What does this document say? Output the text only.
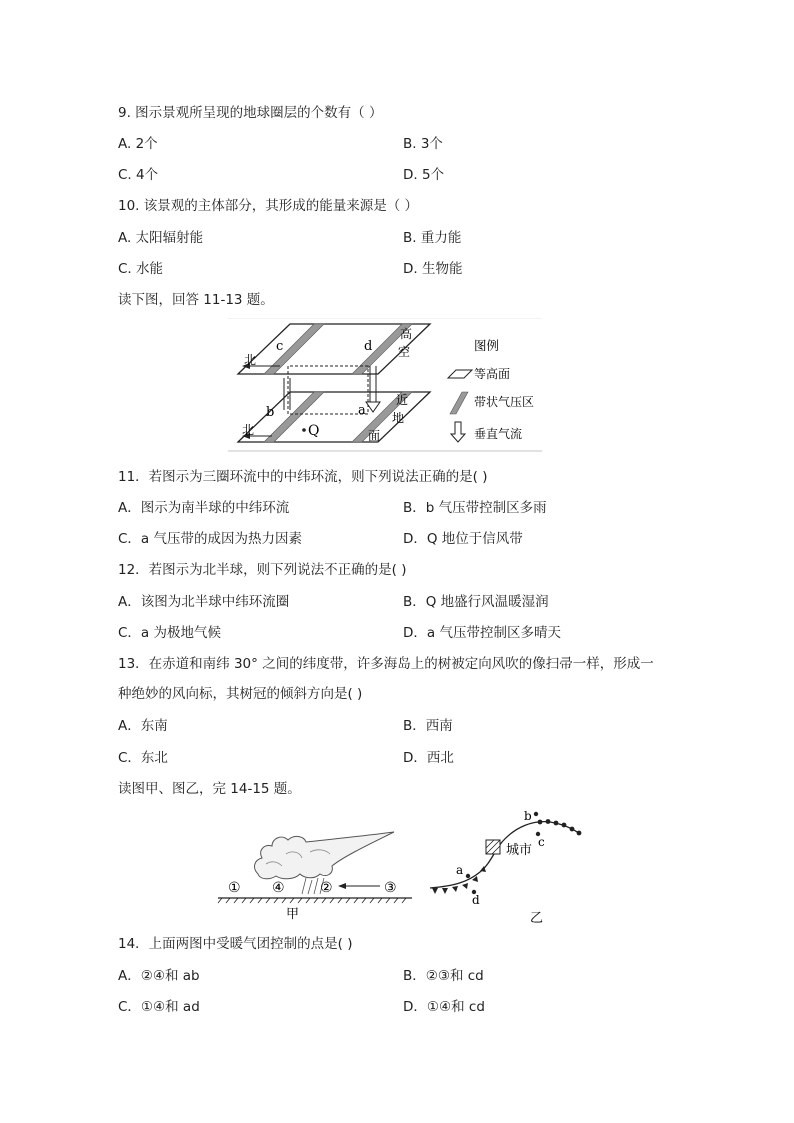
9. 图示景观所呈现的地球圈层的个数有（ ）
A. 2个	B. 3个
C. 4个	D. 5个
10. 该景观的主体部分，其形成的能量来源是（ ）
A. 太阳辐射能	B. 重力能
C. 水能	D. 生物能
读下图，回答 11-13 题。
北
北
c	d
高
空
b	a
近
地
面
Q
图例
等高面
带状气压区
垂直气流
11．若图示为三圈环流中的中纬环流，则下列说法正确的是( )
A．图示为南半球的中纬环流	B．b 气压带控制区多雨
C．a 气压带的成因为热力因素	D．Q 地位于信风带
12．若图示为北半球，则下列说法不正确的是( )
A．该图为北半球中纬环流圈	B．Q 地盛行风温暖湿润
C．a 为极地气候	D．a 气压带控制区多晴天
13．在赤道和南纬 30° 之间的纬度带，许多海岛上的树被定向风吹的像扫帚一样，形成一
种绝妙的风向标，其树冠的倾斜方向是( )
A．东南	B．西南
C．东北	D．西北
读图甲、图乙，完 14-15 题。
① ④	②	③
甲
城市
a
b
c
d
乙
14．上面两图中受暖气团控制的点是( )
A．②④和 ab	B．②③和 cd
C．①④和 ad	D．①④和 cd
